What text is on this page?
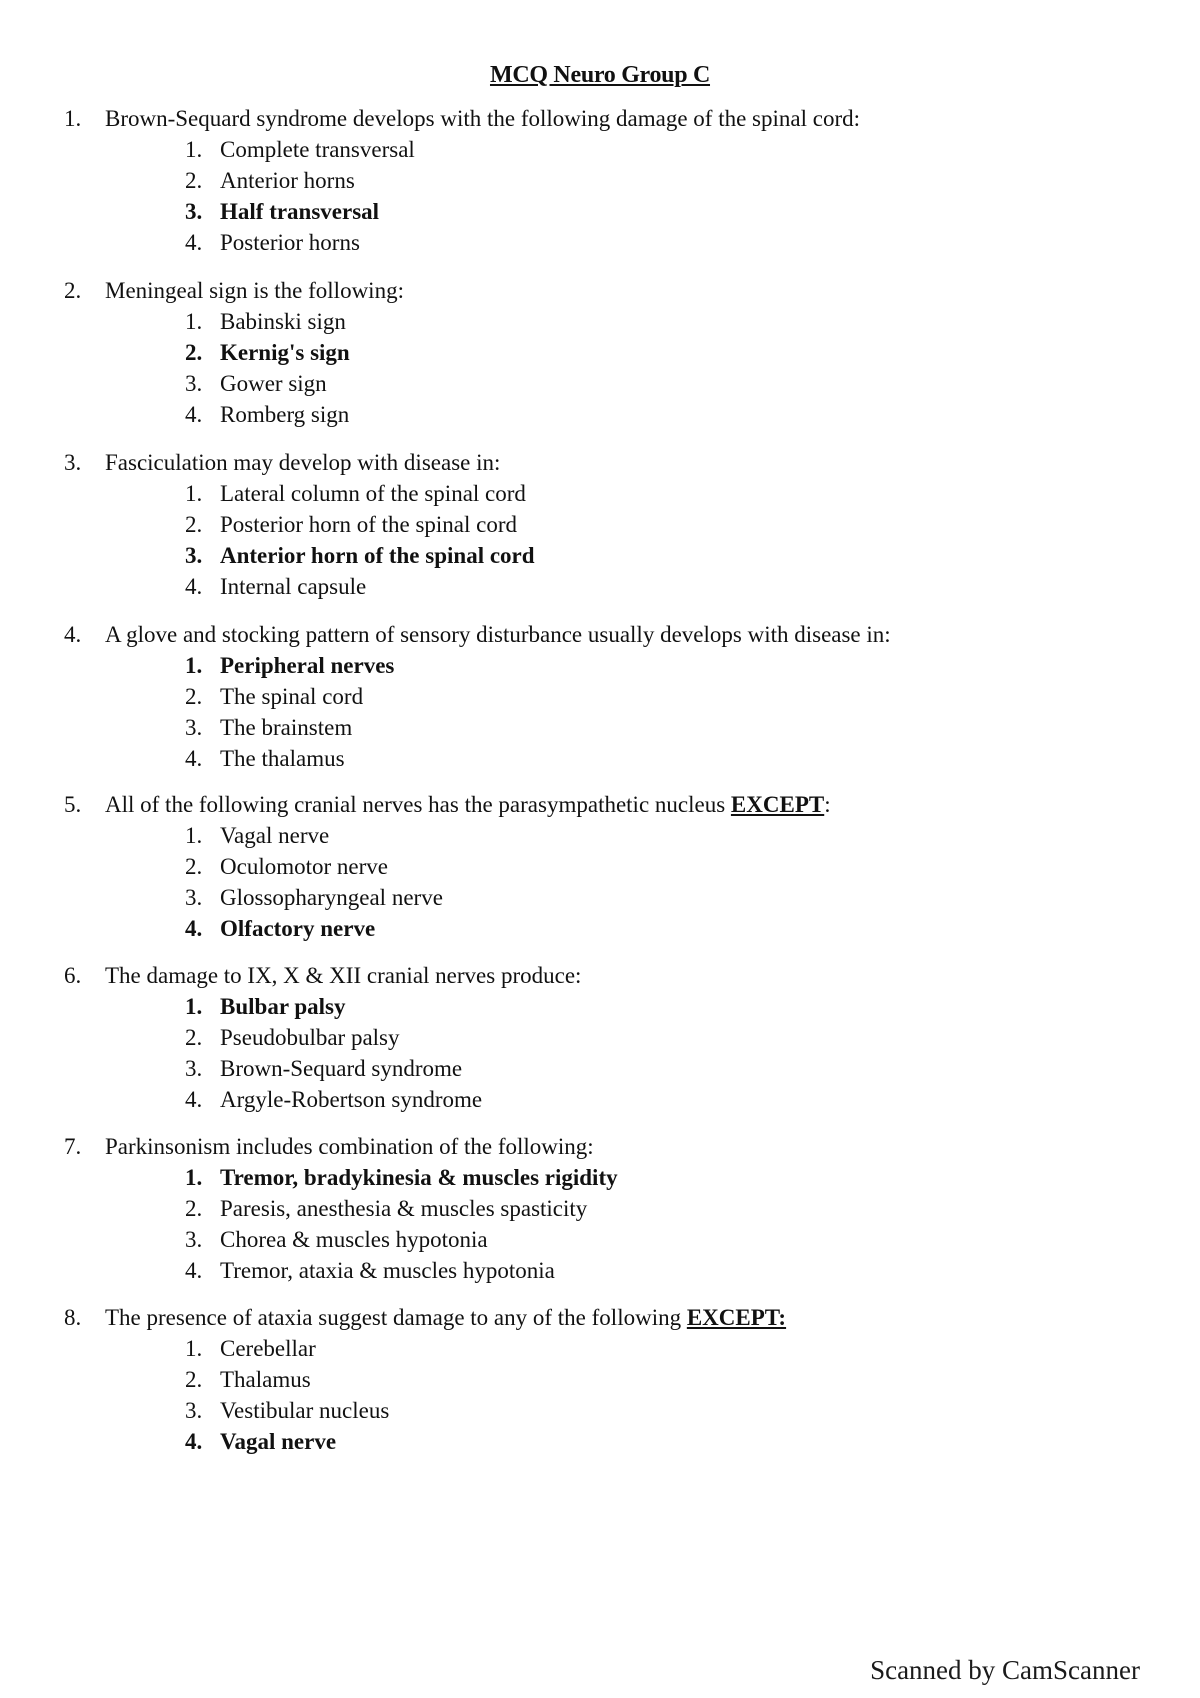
MCQ Neuro Group C
1. Brown-Sequard syndrome develops with the following damage of the spinal cord:
1. Complete transversal
2. Anterior horns
3. Half transversal
4. Posterior horns
2. Meningeal sign is the following:
1. Babinski sign
2. Kernig's sign
3. Gower sign
4. Romberg sign
3. Fasciculation may develop with disease in:
1. Lateral column of the spinal cord
2. Posterior horn of the spinal cord
3. Anterior horn of the spinal cord
4. Internal capsule
4. A glove and stocking pattern of sensory disturbance usually develops with disease in:
1. Peripheral nerves
2. The spinal cord
3. The brainstem
4. The thalamus
5. All of the following cranial nerves has the parasympathetic nucleus EXCEPT:
1. Vagal nerve
2. Oculomotor nerve
3. Glossopharyngeal nerve
4. Olfactory nerve
6. The damage to IX, X & XII cranial nerves produce:
1. Bulbar palsy
2. Pseudobulbar palsy
3. Brown-Sequard syndrome
4. Argyle-Robertson syndrome
7. Parkinsonism includes combination of the following:
1. Tremor, bradykinesia & muscles rigidity
2. Paresis, anesthesia & muscles spasticity
3. Chorea & muscles hypotonia
4. Tremor, ataxia & muscles hypotonia
8. The presence of ataxia suggest damage to any of the following EXCEPT:
1. Cerebellar
2. Thalamus
3. Vestibular nucleus
4. Vagal nerve
Scanned by CamScanner
